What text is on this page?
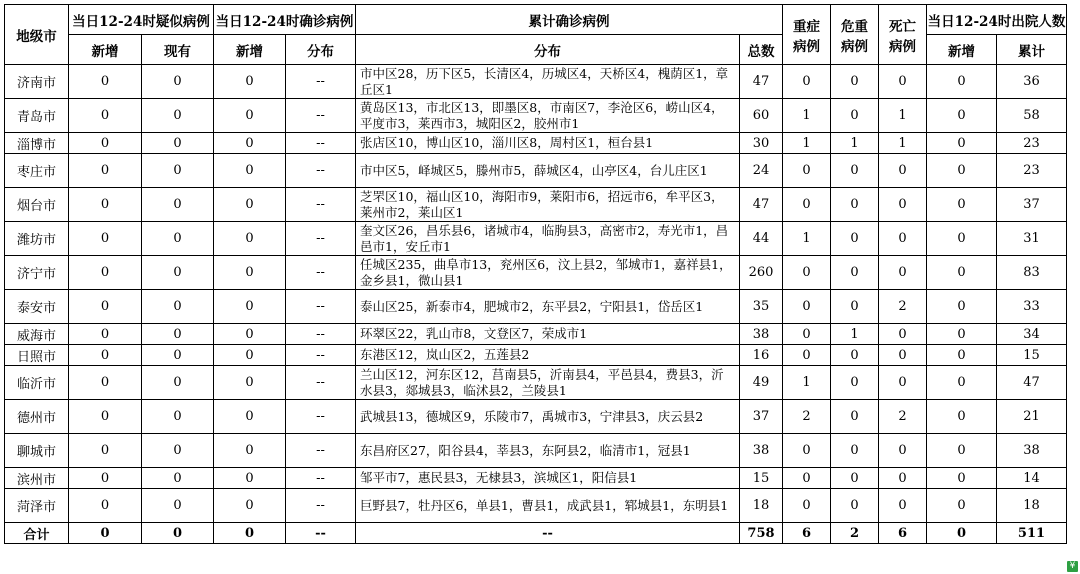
地级市	当日12-24时疑似病例		当日12-24时确诊病例		累计确诊病例		重症病例	危重病例	死亡病例	当日12-24时出院人数	
	新增	现有	新增	分布	分布	总数				新增	累计
济南市	0	0	0	--	市中区28，历下区5，长清区4，历城区4，天桥区4，槐荫区1，章丘区1	47	0	0	0	0	36
青岛市	0	0	0	--	黄岛区13，市北区13，即墨区8，市南区7，李沧区6，崂山区4，平度市3，莱西市3，城阳区2，胶州市1	60	1	0	1	0	58
淄博市	0	0	0	--	张店区10，博山区10，淄川区8，周村区1，桓台县1	30	1	1	1	0	23
枣庄市	0	0	0	--	市中区5，峄城区5，滕州市5，薛城区4，山亭区4，台儿庄区1	24	0	0	0	0	23
烟台市	0	0	0	--	芝罘区10，福山区10，海阳市9，莱阳市6，招远市6，牟平区3，莱州市2，莱山区1	47	0	0	0	0	37
潍坊市	0	0	0	--	奎文区26，昌乐县6，诸城市4，临朐县3，高密市2，寿光市1，昌邑市1，安丘市1	44	1	0	0	0	31
济宁市	0	0	0	--	任城区235，曲阜市13，兖州区6，汶上县2，邹城市1，嘉祥县1，金乡县1，微山县1	260	0	0	0	0	83
泰安市	0	0	0	--	泰山区25，新泰市4，肥城市2，东平县2，宁阳县1，岱岳区1	35	0	0	2	0	33
威海市	0	0	0	--	环翠区22，乳山市8，文登区7，荣成市1	38	0	1	0	0	34
日照市	0	0	0	--	东港区12，岚山区2，五莲县2	16	0	0	0	0	15
临沂市	0	0	0	--	兰山区12，河东区12，莒南县5，沂南县4，平邑县4，费县3，沂水县3，郯城县3，临沭县2，兰陵县1	49	1	0	0	0	47
德州市	0	0	0	--	武城县13，德城区9，乐陵市7，禹城市3，宁津县3，庆云县2	37	2	0	2	0	21
聊城市	0	0	0	--	东昌府区27，阳谷县4，莘县3，东阿县2，临清市1，冠县1	38	0	0	0	0	38
滨州市	0	0	0	--	邹平市7，惠民县3，无棣县3，滨城区1，阳信县1	15	0	0	0	0	14
菏泽市	0	0	0	--	巨野县7，牡丹区6，单县1，曹县1，成武县1，郓城县1，东明县1	18	0	0	0	0	18
合计	0	0	0	--	--	758	6	2	6	0	511
¥
